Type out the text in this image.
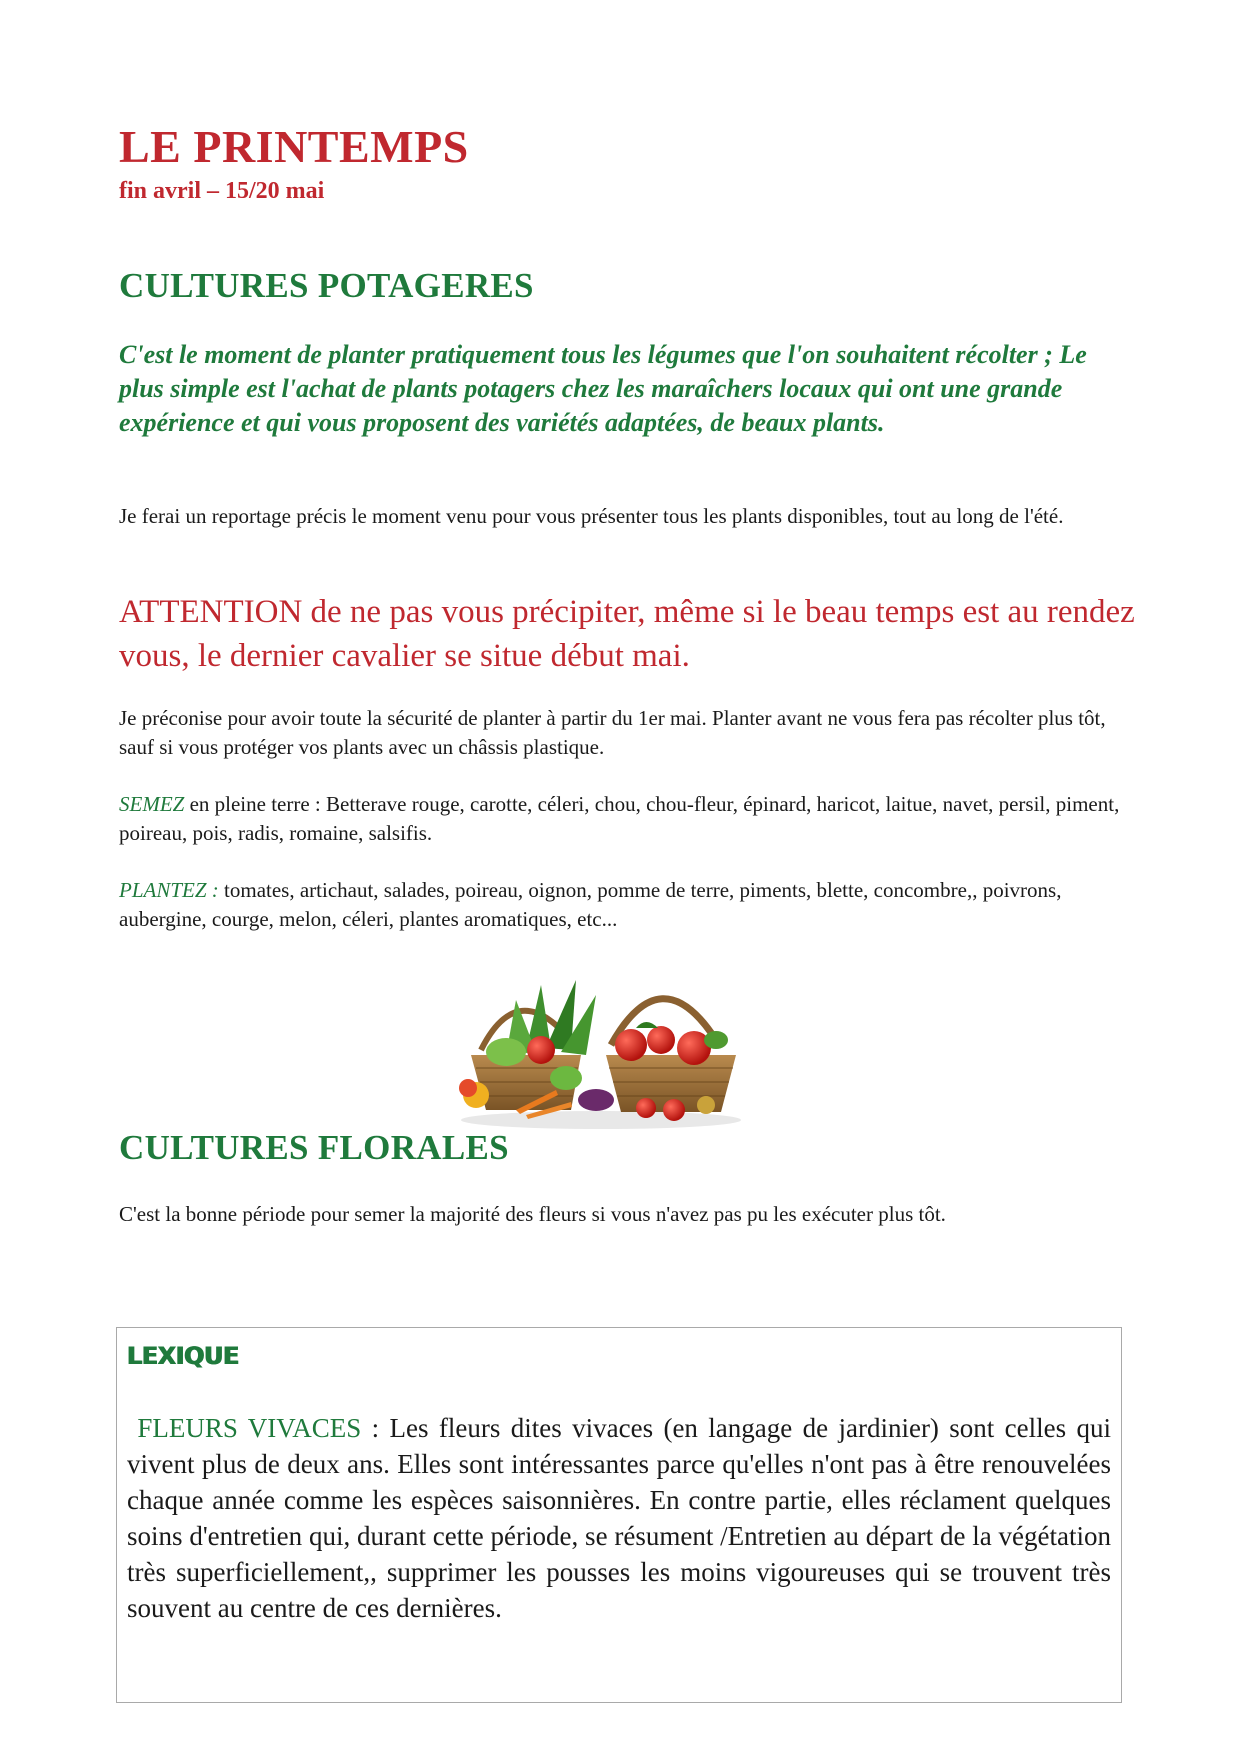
LE PRINTEMPS

fin avril – 15/20 mai

CULTURES POTAGERES

C'est le moment de planter pratiquement tous les légumes que l'on souhaitent récolter ; Le plus simple est l'achat de plants potagers chez les maraîchers locaux qui ont une grande expérience et qui vous proposent des variétés adaptées, de beaux plants.

Je ferai un reportage précis le moment venu pour vous présenter tous les plants disponibles, tout au long de l'été.

ATTENTION de ne pas vous précipiter, même si le beau temps est au rendez vous, le dernier cavalier se situe début mai.

Je préconise pour avoir toute la sécurité de planter à partir du 1er mai. Planter avant ne vous fera pas récolter plus tôt, sauf si vous protéger vos plants avec un châssis plastique.

SEMEZ en pleine terre : Betterave rouge, carotte, céleri, chou, chou-fleur, épinard, haricot, laitue, navet, persil, piment, poireau, pois, radis, romaine, salsifis.

PLANTEZ : tomates, artichaut, salades, poireau, oignon, pomme de terre, piments, blette, concombre,, poivrons, aubergine, courge, melon, céleri, plantes aromatiques, etc...

CULTURES FLORALES

C'est la bonne période pour semer la majorité des fleurs si vous n'avez pas pu les exécuter plus tôt.

LEXIQUE

FLEURS VIVACES : Les fleurs dites vivaces (en langage de jardinier) sont celles qui vivent plus de deux ans. Elles sont intéressantes parce qu'elles n'ont pas à être renouvelées chaque année comme les espèces saisonnières. En contre partie, elles réclament quelques soins d'entretien qui, durant cette période, se résument /Entretien au départ de la végétation très superficiellement,, supprimer les pousses les moins vigoureuses qui se trouvent très souvent au centre de ces dernières.
